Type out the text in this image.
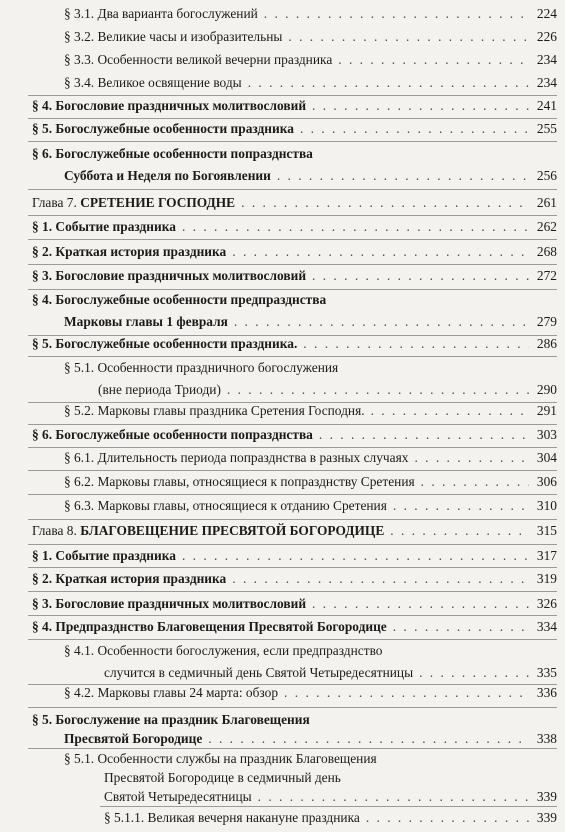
§ 3.1. Два варианта богослужений . . .	224
§ 3.2. Великие часы и изобразительны . . .	226
§ 3.3. Особенности великой вечерни праздника . . .	234
§ 3.4. Великое освящение воды . . .	234
§ 4. Богословие праздничных молитвословий . . .	241
§ 5. Богослужебные особенности праздника . . .	255
§ 6. Богослужебные особенности попразднства
Суббота и Неделя по Богоявлении . . .	256
Глава 7. СРЕТЕНИЕ ГОСПОДНЕ . . .	261
§ 1. Событие праздника . . .	262
§ 2. Краткая история праздника . . .	268
§ 3. Богословие праздничных молитвословий . . .	272
§ 4. Богослужебные особенности предпразднства
Марковы главы 1 февраля . . .	279
§ 5. Богослужебные особенности праздника. . . .	286
§ 5.1. Особенности праздничного богослужения
(вне периода Триоди) . . .	290
§ 5.2. Марковы главы праздника Сретения Господня. . . .	291
§ 6. Богослужебные особенности попразднства . . .	303
§ 6.1. Длительность периода попразднства в разных случаях . . .	304
§ 6.2. Марковы главы, относящиеся к попразднству Сретения . . .	306
§ 6.3. Марковы главы, относящиеся к отданию Сретения . . .	310
Глава 8. БЛАГОВЕЩЕНИЕ ПРЕСВЯТОЙ БОГОРОДИЦЕ . . .	315
§ 1. Событие праздника . . .	317
§ 2. Краткая история праздника . . .	319
§ 3. Богословие праздничных молитвословий . . .	326
§ 4. Предпразднство Благовещения Пресвятой Богородице . . .	334
§ 4.1. Особенности богослужения, если предпразднство
случится в седмичный день Святой Четыредесятницы . . .	335
§ 4.2. Марковы главы 24 марта: обзор . . .	336
§ 5. Богослужение на праздник Благовещения
Пресвятой Богородице . . .	338
§ 5.1. Особенности службы на праздник Благовещения
Пресвятой Богородице в седмичный день
Святой Четыредесятницы . . .	339
§ 5.1.1. Великая вечерня накануне праздника . . .	339
